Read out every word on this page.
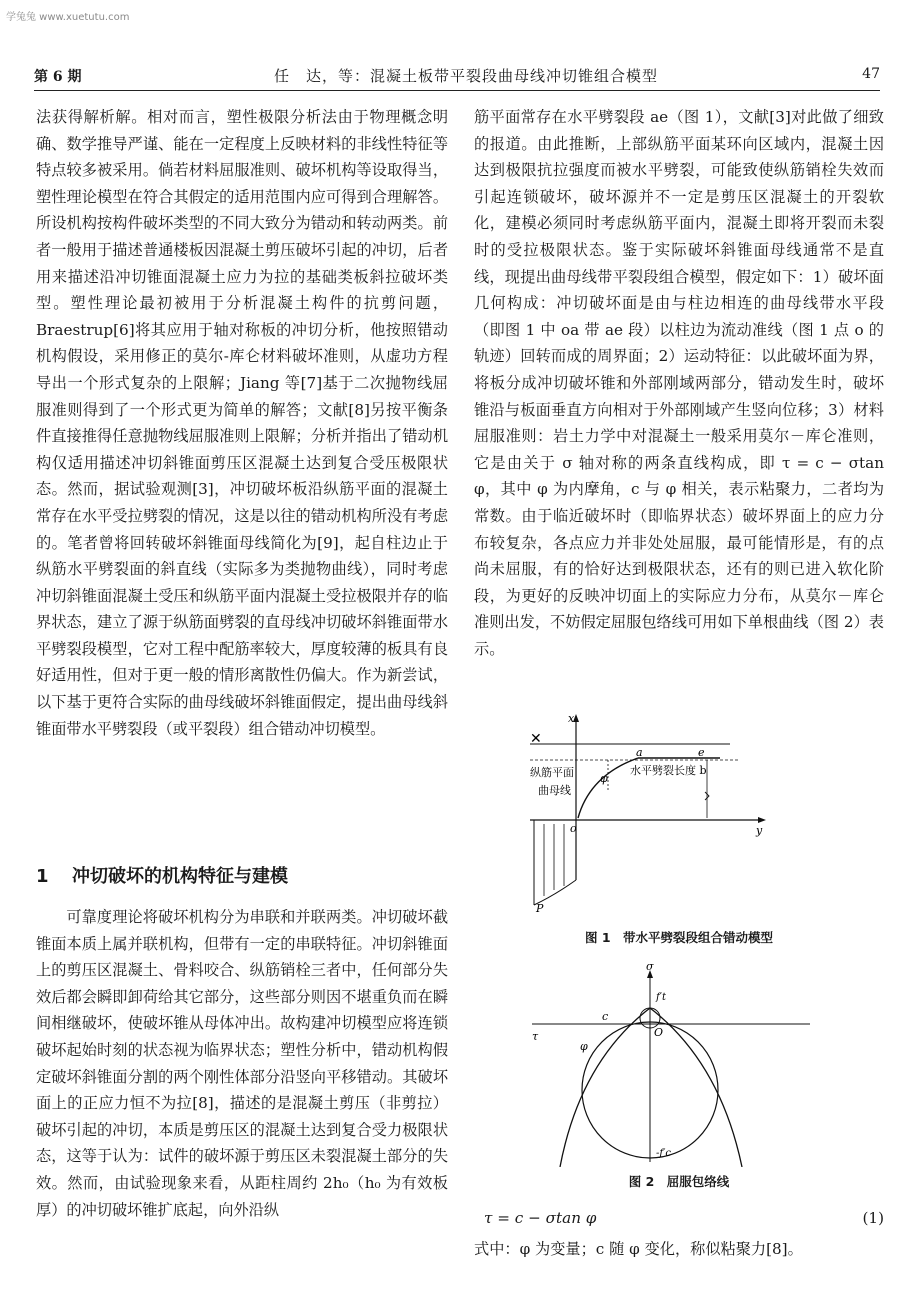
学兔兔 www.xuetutu.com
第 6 期	任　达，等：混凝土板带平裂段曲母线冲切锥组合模型	47

法获得解析解。相对而言，塑性极限分析法由于物理概念明确、数学推导严谨、能在一定程度上反映材料的非线性特征等特点较多被采用。倘若材料屈服准则、破坏机构等设取得当，塑性理论模型在符合其假定的适用范围内应可得到合理解答。所设机构按构件破坏类型的不同大致分为错动和转动两类。前者一般用于描述普通楼板因混凝土剪压破坏引起的冲切，后者用来描述沿冲切锥面混凝土应力为拉的基础类板斜拉破坏类型。塑性理论最初被用于分析混凝土构件的抗剪问题，Braestrup[6]将其应用于轴对称板的冲切分析，他按照错动机构假设，采用修正的莫尔-库仑材料破坏准则，从虚功方程导出一个形式复杂的上限解；Jiang 等[7]基于二次抛物线屈服准则得到了一个形式更为简单的解答；文献[8]另按平衡条件直接推得任意抛物线屈服准则上限解；分析并指出了错动机构仅适用描述冲切斜锥面剪压区混凝土达到复合受压极限状态。然而，据试验观测[3]，冲切破坏板沿纵筋平面的混凝土常存在水平受拉劈裂的情况，这是以往的错动机构所没有考虑的。笔者曾将回转破坏斜锥面母线简化为[9]，起自柱边止于纵筋水平劈裂面的斜直线（实际多为类抛物曲线），同时考虑冲切斜锥面混凝土受压和纵筋平面内混凝土受拉极限并存的临界状态，建立了源于纵筋面劈裂的直母线冲切破坏斜锥面带水平劈裂段模型，它对工程中配筋率较大，厚度较薄的板具有良好适用性，但对于更一般的情形离散性仍偏大。作为新尝试，以下基于更符合实际的曲母线破坏斜锥面假定，提出曲母线斜锥面带水平劈裂段（或平裂段）组合错动冲切模型。

1 冲切破坏的机构特征与建模

可靠度理论将破坏机构分为串联和并联两类。冲切破坏截锥面本质上属并联机构，但带有一定的串联特征。冲切斜锥面上的剪压区混凝土、骨料咬合、纵筋销栓三者中，任何部分失效后都会瞬即卸荷给其它部分，这些部分则因不堪重负而在瞬间相继破坏，使破坏锥从母体冲出。故构建冲切模型应将连锁破坏起始时刻的状态视为临界状态；塑性分析中，错动机构假定破坏斜锥面分割的两个刚性体部分沿竖向平移错动。其破坏面上的正应力恒不为拉[8]，描述的是混凝土剪压（非剪拉）破坏引起的冲切，本质是剪压区的混凝土达到复合受力极限状态，这等于认为：试件的破坏源于剪压区未裂混凝土部分的失效。然而，由试验现象来看，从距柱周约 2h₀（h₀ 为有效板厚）的冲切破坏锥扩底起，向外沿纵

筋平面常存在水平劈裂段 ae（图 1），文献[3]对此做了细致的报道。由此推断，上部纵筋平面某环向区域内，混凝土因达到极限抗拉强度而被水平劈裂，可能致使纵筋销栓失效而引起连锁破坏，破坏源并不一定是剪压区混凝土的开裂软化，建模必须同时考虑纵筋平面内，混凝土即将开裂而未裂时的受拉极限状态。鉴于实际破坏斜锥面母线通常不是直线，现提出曲母线带平裂段组合模型，假定如下：1）破坏面几何构成：冲切破坏面是由与柱边相连的曲母线带水平段（即图 1 中 oa 带 ae 段）以柱边为流动准线（图 1 点 o 的轨迹）回转而成的周界面；2）运动特征：以此破坏面为界，将板分成冲切破坏锥和外部刚域两部分，错动发生时，破坏锥沿与板面垂直方向相对于外部刚域产生竖向位移；3）材料屈服准则：岩土力学中对混凝土一般采用莫尔－库仑准则，它是由关于 σ 轴对称的两条直线构成，即 τ = c − σtan φ，其中 φ 为内摩角，c 与 φ 相关，表示粘聚力，二者均为常数。由于临近破坏时（即临界状态）破坏界面上的应力分布较复杂，各点应力并非处处屈服，最可能情形是，有的点尚未屈服，有的恰好达到极限状态，还有的则已进入软化阶段，为更好的反映冲切面上的实际应力分布，从莫尔－库仑准则出发，不妨假定屈服包络线可用如下单根曲线（图 2）表示。

x
✕
φ
a	e
水平劈裂长度 b
纵筋平面
曲母线
y
o
P
图 1　带水平劈裂段组合错动模型
σ
τ	O
c
φ
f′t
-f′c
图 2　屈服包络线
τ = c − σtan φ	(1)
式中：φ 为变量；c 随 φ 变化，称似粘聚力[8]。
